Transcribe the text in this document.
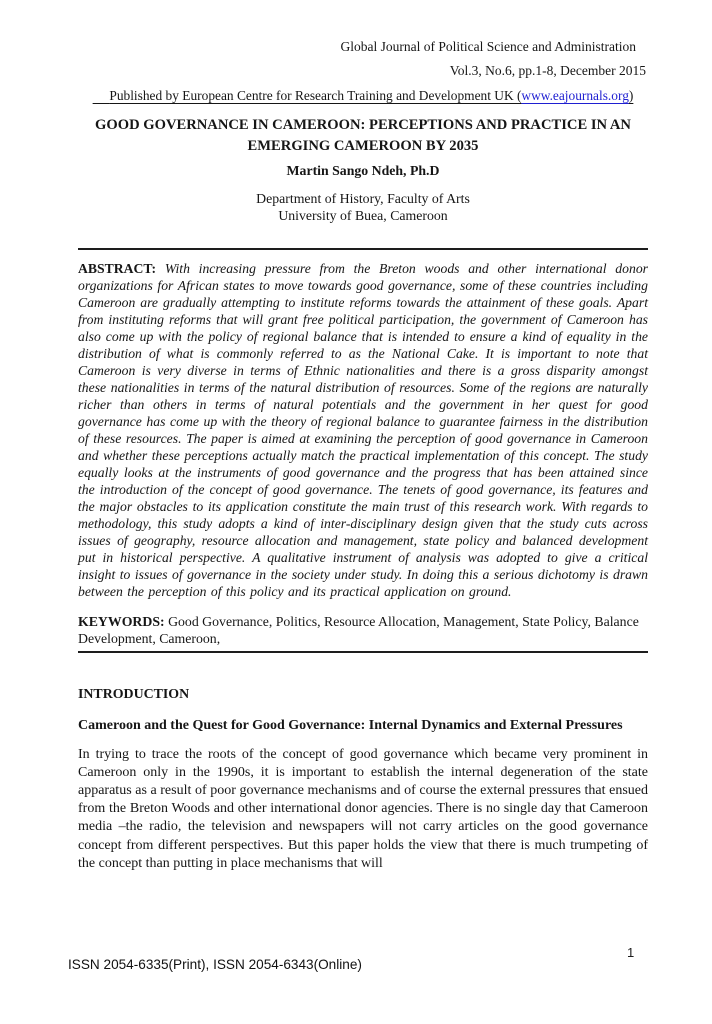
Global Journal of Political Science and Administration
Vol.3, No.6, pp.1-8, December 2015
Published by European Centre for Research Training and Development UK (www.eajournals.org)
GOOD GOVERNANCE IN CAMEROON: PERCEPTIONS AND PRACTICE IN AN EMERGING CAMEROON BY 2035
Martin Sango Ndeh, Ph.D
Department of History, Faculty of Arts
University of Buea, Cameroon
ABSTRACT: With increasing pressure from the Breton woods and other international donor organizations for African states to move towards good governance, some of these countries including Cameroon are gradually attempting to institute reforms towards the attainment of these goals. Apart from instituting reforms that will grant free political participation, the government of Cameroon has also come up with the policy of regional balance that is intended to ensure a kind of equality in the distribution of what is commonly referred to as the National Cake. It is important to note that Cameroon is very diverse in terms of Ethnic nationalities and there is a gross disparity amongst these nationalities in terms of the natural distribution of resources. Some of the regions are naturally richer than others in terms of natural potentials and the government in her quest for good governance has come up with the theory of regional balance to guarantee fairness in the distribution of these resources. The paper is aimed at examining the perception of good governance in Cameroon and whether these perceptions actually match the practical implementation of this concept. The study equally looks at the instruments of good governance and the progress that has been attained since the introduction of the concept of good governance. The tenets of good governance, its features and the major obstacles to its application constitute the main trust of this research work. With regards to methodology, this study adopts a kind of inter-disciplinary design given that the study cuts across issues of geography, resource allocation and management, state policy and balanced development put in historical perspective. A qualitative instrument of analysis was adopted to give a critical insight to issues of governance in the society under study. In doing this a serious dichotomy is drawn between the perception of this policy and its practical application on ground.
KEYWORDS: Good Governance, Politics, Resource Allocation, Management, State Policy, Balance Development, Cameroon,
INTRODUCTION
Cameroon and the Quest for Good Governance: Internal Dynamics and External Pressures
In trying to trace the roots of the concept of good governance which became very prominent in Cameroon only in the 1990s, it is important to establish the internal degeneration of the state apparatus as a result of poor governance mechanisms and of course the external pressures that ensued from the Breton Woods and other international donor agencies. There is no single day that Cameroon media –the radio, the television and newspapers will not carry articles on the good governance concept from different perspectives. But this paper holds the view that there is much trumpeting of the concept than putting in place mechanisms that will
1
ISSN 2054-6335(Print), ISSN 2054-6343(Online)
